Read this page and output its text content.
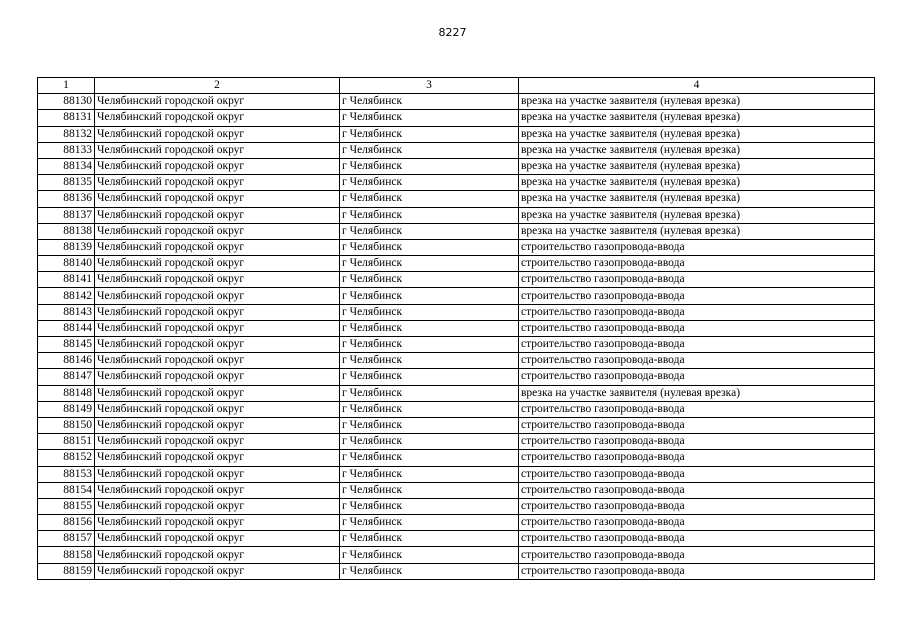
8227
1	2	3	4
88130	Челябинский городской округ	г Челябинск	врезка на участке заявителя (нулевая врезка)
88131	Челябинский городской округ	г Челябинск	врезка на участке заявителя (нулевая врезка)
88132	Челябинский городской округ	г Челябинск	врезка на участке заявителя (нулевая врезка)
88133	Челябинский городской округ	г Челябинск	врезка на участке заявителя (нулевая врезка)
88134	Челябинский городской округ	г Челябинск	врезка на участке заявителя (нулевая врезка)
88135	Челябинский городской округ	г Челябинск	врезка на участке заявителя (нулевая врезка)
88136	Челябинский городской округ	г Челябинск	врезка на участке заявителя (нулевая врезка)
88137	Челябинский городской округ	г Челябинск	врезка на участке заявителя (нулевая врезка)
88138	Челябинский городской округ	г Челябинск	врезка на участке заявителя (нулевая врезка)
88139	Челябинский городской округ	г Челябинск	строительство газопровода-ввода
88140	Челябинский городской округ	г Челябинск	строительство газопровода-ввода
88141	Челябинский городской округ	г Челябинск	строительство газопровода-ввода
88142	Челябинский городской округ	г Челябинск	строительство газопровода-ввода
88143	Челябинский городской округ	г Челябинск	строительство газопровода-ввода
88144	Челябинский городской округ	г Челябинск	строительство газопровода-ввода
88145	Челябинский городской округ	г Челябинск	строительство газопровода-ввода
88146	Челябинский городской округ	г Челябинск	строительство газопровода-ввода
88147	Челябинский городской округ	г Челябинск	строительство газопровода-ввода
88148	Челябинский городской округ	г Челябинск	врезка на участке заявителя (нулевая врезка)
88149	Челябинский городской округ	г Челябинск	строительство газопровода-ввода
88150	Челябинский городской округ	г Челябинск	строительство газопровода-ввода
88151	Челябинский городской округ	г Челябинск	строительство газопровода-ввода
88152	Челябинский городской округ	г Челябинск	строительство газопровода-ввода
88153	Челябинский городской округ	г Челябинск	строительство газопровода-ввода
88154	Челябинский городской округ	г Челябинск	строительство газопровода-ввода
88155	Челябинский городской округ	г Челябинск	строительство газопровода-ввода
88156	Челябинский городской округ	г Челябинск	строительство газопровода-ввода
88157	Челябинский городской округ	г Челябинск	строительство газопровода-ввода
88158	Челябинский городской округ	г Челябинск	строительство газопровода-ввода
88159	Челябинский городской округ	г Челябинск	строительство газопровода-ввода
